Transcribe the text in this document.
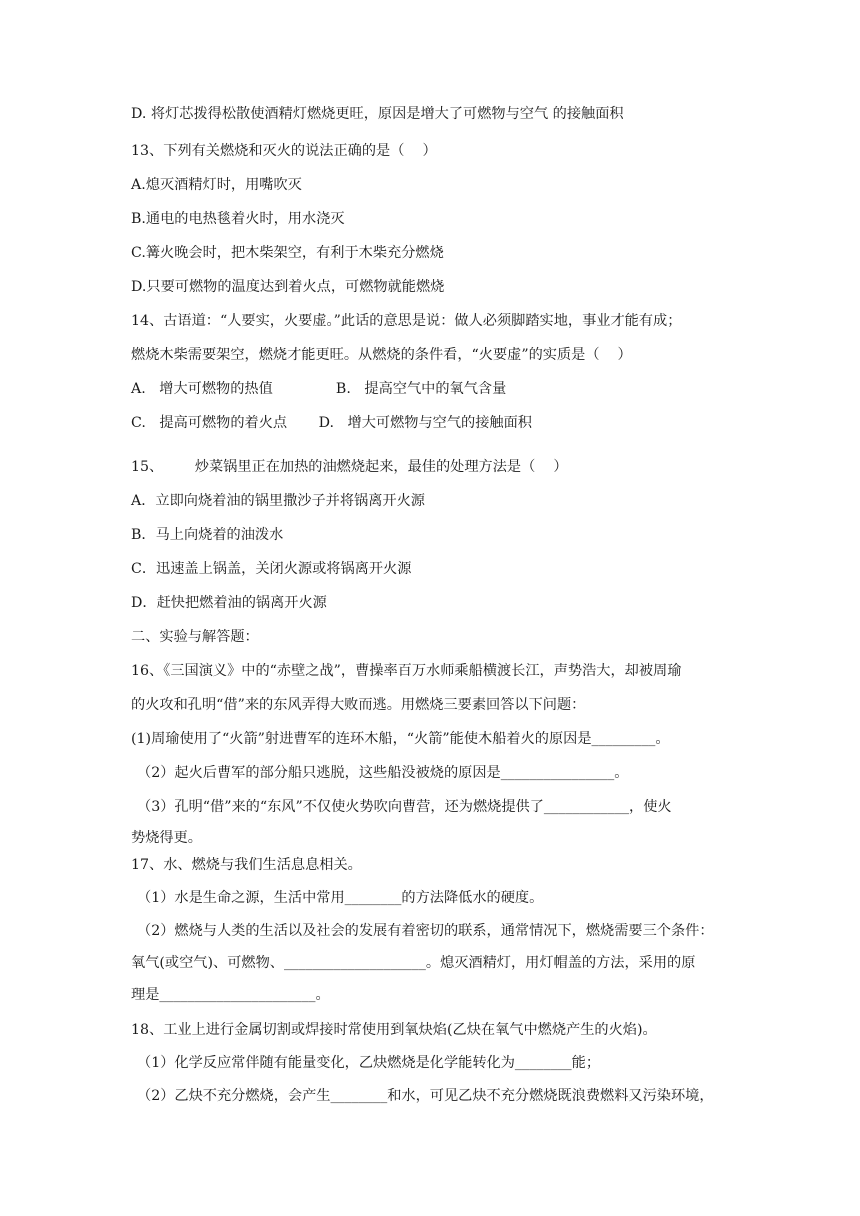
D. 将灯芯拨得松散使酒精灯燃烧更旺，原因是增大了可燃物与空气 的接触面积
13、下列有关燃烧和灭火的说法正确的是（    ）
A.熄灭酒精灯时，用嘴吹灭
B.通电的电热毯着火时，用水浇灭
C.篝火晚会时，把木柴架空，有利于木柴充分燃烧
D.只要可燃物的温度达到着火点，可燃物就能燃烧
14、古语道：“人要实，火要虚。”此话的意思是说：做人必须脚踏实地，事业才能有成；
燃烧木柴需要架空，燃烧才能更旺。从燃烧的条件看，“火要虚”的实质是（    ）
A.   增大可燃物的热值              B.   提高空气中的氧气含量
C.   提高可燃物的着火点       D.   增大可燃物与空气的接触面积
15、       炒菜锅里正在加热的油燃烧起来，最佳的处理方法是（    ）
A．立即向烧着油的锅里撒沙子并将锅离开火源
B．马上向烧着的油泼水
C．迅速盖上锅盖，关闭火源或将锅离开火源
D．赶快把燃着油的锅离开火源
二、实验与解答题：
16、《三国演义》中的“赤壁之战”，曹操率百万水师乘船横渡长江，声势浩大，却被周瑜
的火攻和孔明“借”来的东风弄得大败而逃。用燃烧三要素回答以下问题：
(1)周瑜使用了“火箭”射进曹军的连环木船，“火箭”能使木船着火的原因是_________。
（2）起火后曹军的部分船只逃脱，这些船没被烧的原因是________________。
（3）孔明“借”来的“东风”不仅使火势吹向曹营，还为燃烧提供了____________，使火
势烧得更。
17、水、燃烧与我们生活息息相关。
（1）水是生命之源，生活中常用________的方法降低水的硬度。
（2）燃烧与人类的生活以及社会的发展有着密切的联系，通常情况下，燃烧需要三个条件：
氧气(或空气)、可燃物、____________________。熄灭酒精灯，用灯帽盖的方法，采用的原
理是______________________。
18、工业上进行金属切割或焊接时常使用到氧炔焰(乙炔在氧气中燃烧产生的火焰)。
（1）化学反应常伴随有能量变化，乙炔燃烧是化学能转化为________能；
（2）乙炔不充分燃烧，会产生________和水，可见乙炔不充分燃烧既浪费燃料又污染环境，
